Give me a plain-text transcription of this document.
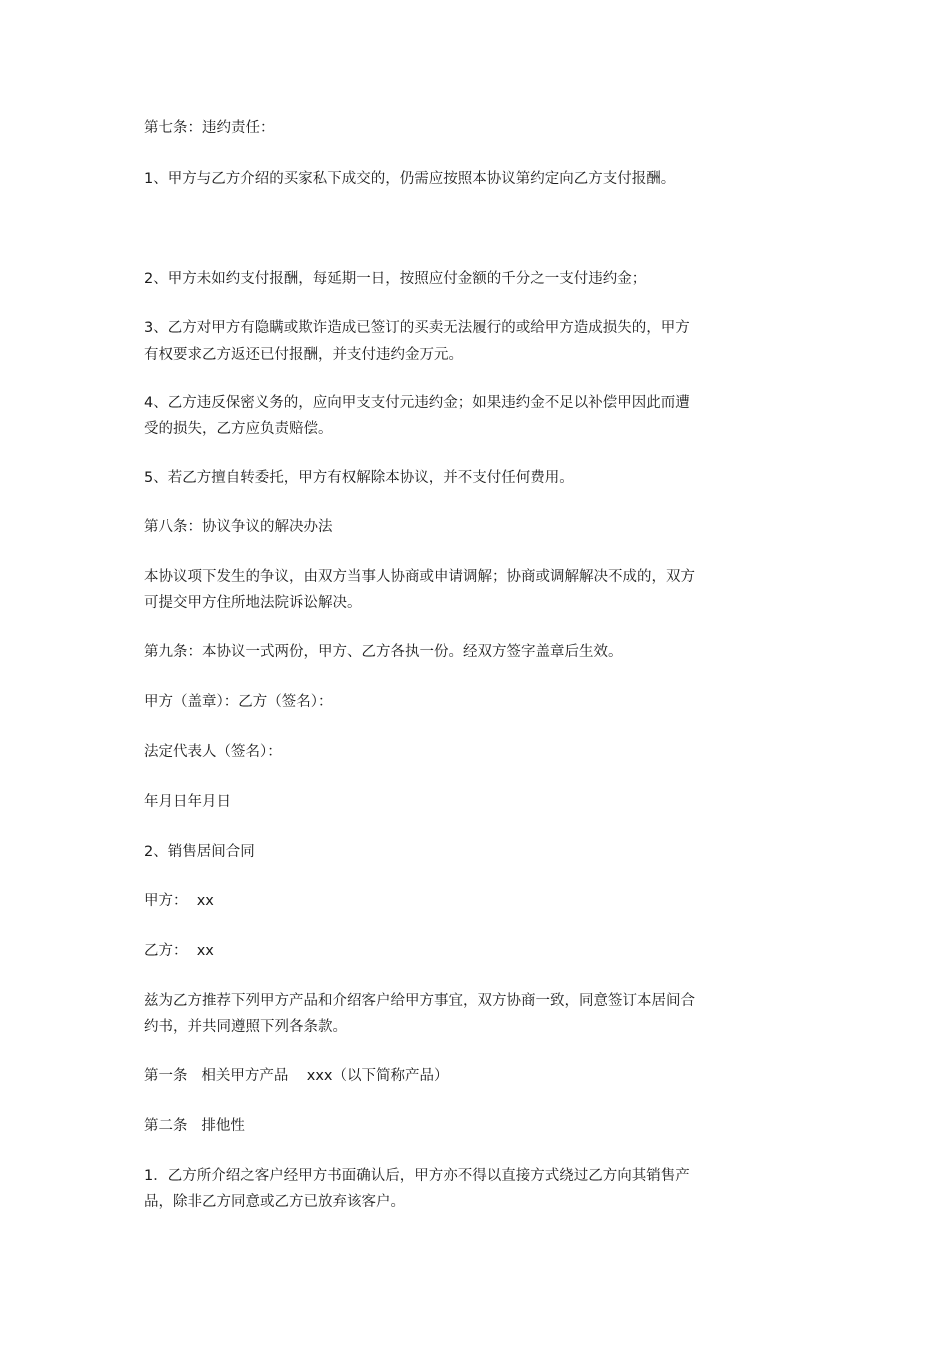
第七条：违约责任：

1、甲方与乙方介绍的买家私下成交的，仍需应按照本协议第约定向乙方支付报酬。

2、甲方未如约支付报酬，每延期一日，按照应付金额的千分之一支付违约金；

3、乙方对甲方有隐瞒或欺诈造成已签订的买卖无法履行的或给甲方造成损失的，甲方

有权要求乙方返还已付报酬，并支付违约金万元。

4、乙方违反保密义务的，应向甲支支付元违约金；如果违约金不足以补偿甲因此而遭

受的损失，乙方应负责赔偿。

5、若乙方擅自转委托，甲方有权解除本协议，并不支付任何费用。

第八条：协议争议的解决办法

本协议项下发生的争议，由双方当事人协商或申请调解；协商或调解解决不成的，双方

可提交甲方住所地法院诉讼解决。

第九条：本协议一式两份，甲方、乙方各执一份。经双方签字盖章后生效。

甲方（盖章）：乙方（签名）：

法定代表人（签名）：

年月日年月日

2、销售居间合同

甲方：  xx

乙方：  xx

兹为乙方推荐下列甲方产品和介绍客户给甲方事宜，双方协商一致，同意签订本居间合

约书，并共同遵照下列各条款。

第一条   相关甲方产品    xxx（以下简称产品）

第二条   排他性

1．乙方所介绍之客户经甲方书面确认后，甲方亦不得以直接方式绕过乙方向其销售产

品，除非乙方同意或乙方已放弃该客户。
